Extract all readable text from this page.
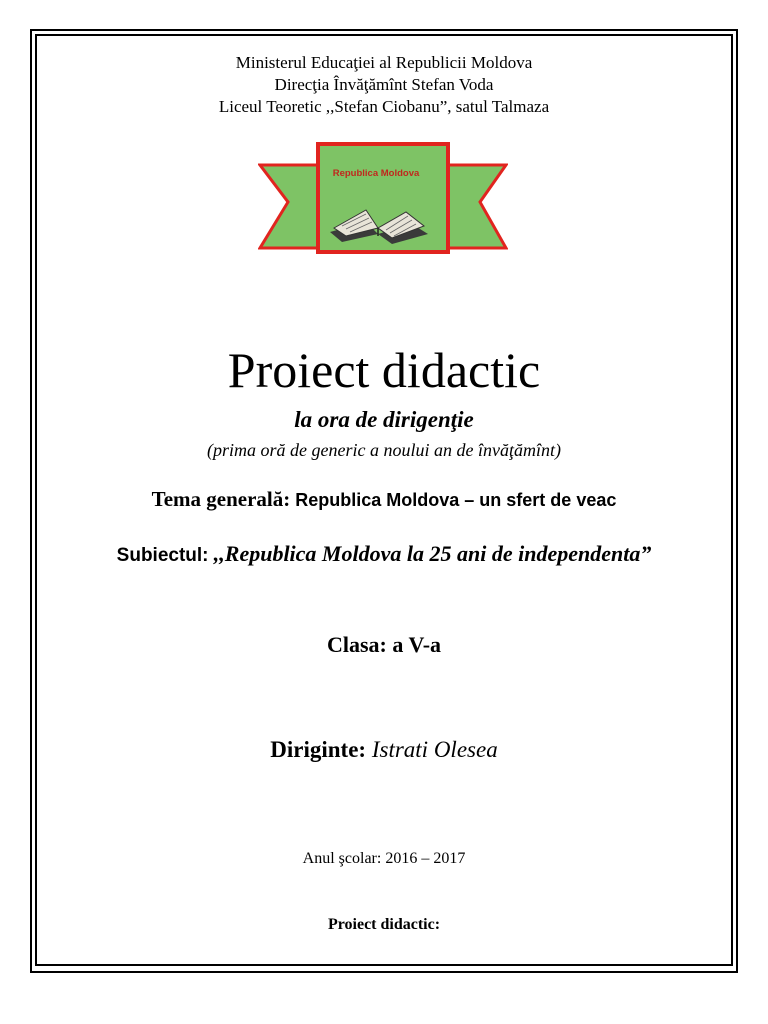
Ministerul Educaţiei al Republicii Moldova
Direcţia Învăţămînt Stefan Voda
Liceul Teoretic ,,Stefan Ciobanu”, satul Talmaza
Republica Moldova
Proiect didactic
la ora de dirigenţie
(prima oră de generic a noului an de învăţămînt)
Tema generală: Republica Moldova – un sfert de veac
Subiectul: ,,Republica Moldova la 25 ani de independenta”
Clasa: a V-a
Diriginte: Istrati Olesea
Anul şcolar: 2016 – 2017
Proiect didactic:
